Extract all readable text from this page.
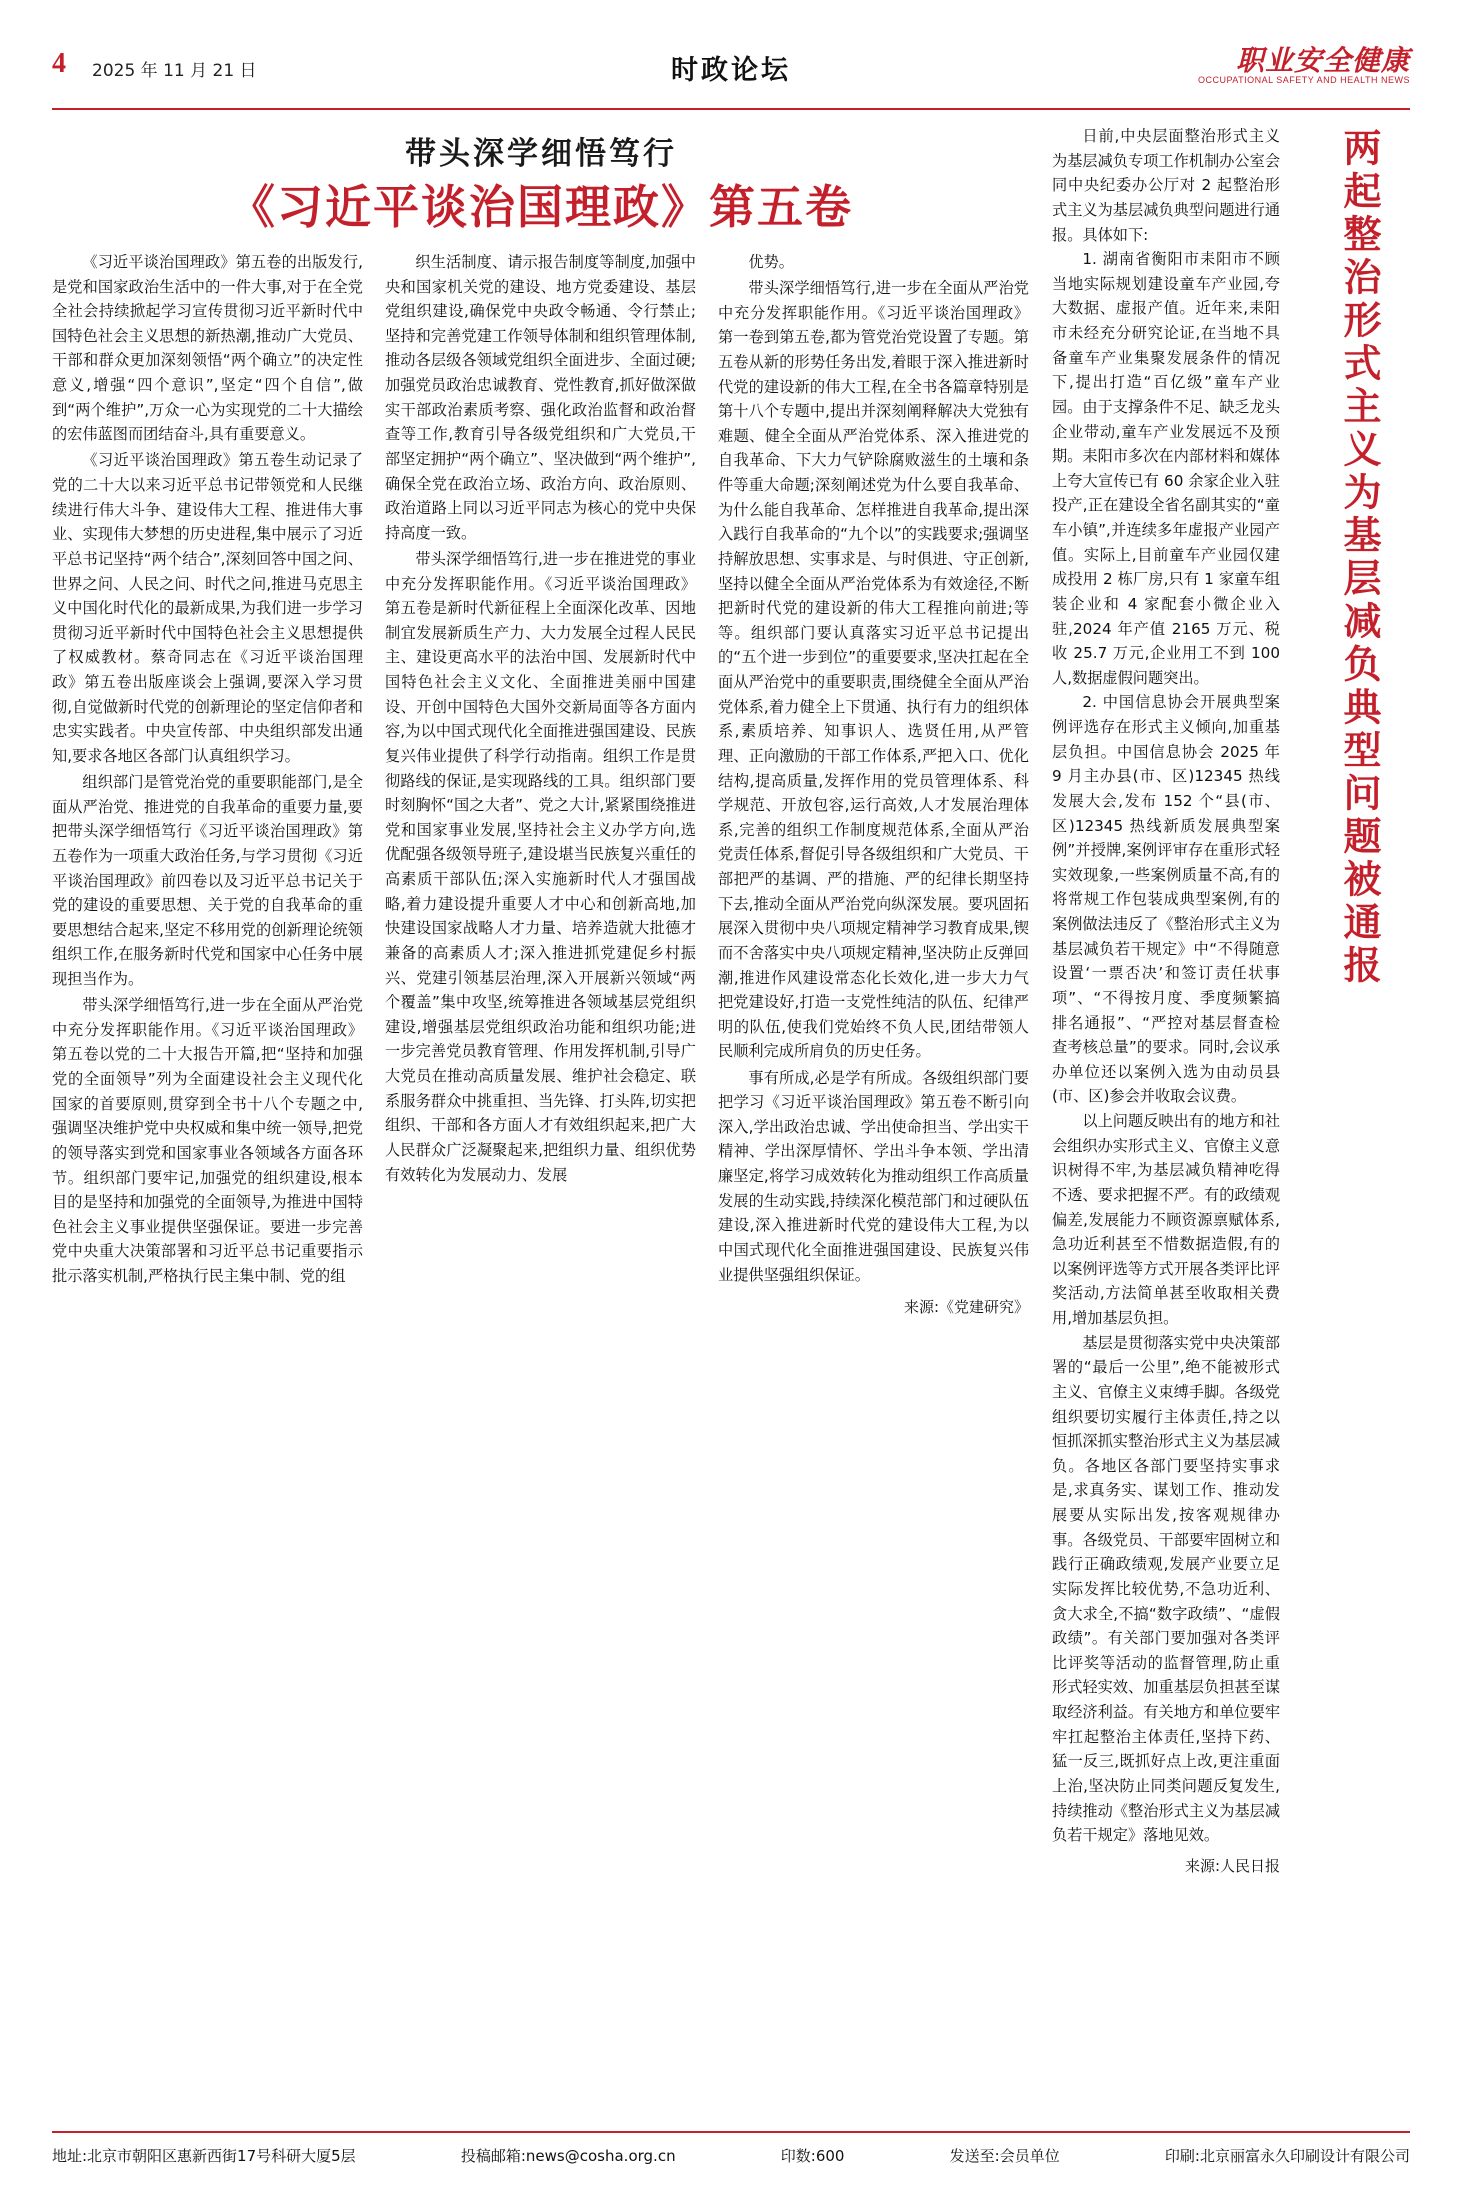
4 2025 年 11 月 21 日	时政论坛	职业安全健康
OCCUPATIONAL SAFETY AND HEALTH NEWS
带头深学细悟笃行
《习近平谈治国理政》第五卷

《习近平谈治国理政》第五卷的出版发行,是党和国家政治生活中的一件大事,对于在全党全社会持续掀起学习宣传贯彻习近平新时代中国特色社会主义思想的新热潮,推动广大党员、干部和群众更加深刻领悟“两个确立”的决定性意义,增强“四个意识”,坚定“四个自信”,做到“两个维护”,万众一心为实现党的二十大描绘的宏伟蓝图而团结奋斗,具有重要意义。

《习近平谈治国理政》第五卷生动记录了党的二十大以来习近平总书记带领党和人民继续进行伟大斗争、建设伟大工程、推进伟大事业、实现伟大梦想的历史进程,集中展示了习近平总书记坚持“两个结合”,深刻回答中国之问、世界之问、人民之问、时代之问,推进马克思主义中国化时代化的最新成果,为我们进一步学习贯彻习近平新时代中国特色社会主义思想提供了权威教材。蔡奇同志在《习近平谈治国理政》第五卷出版座谈会上强调,要深入学习贯彻,自觉做新时代党的创新理论的坚定信仰者和忠实实践者。中央宣传部、中央组织部发出通知,要求各地区各部门认真组织学习。

组织部门是管党治党的重要职能部门,是全面从严治党、推进党的自我革命的重要力量,要把带头深学细悟笃行《习近平谈治国理政》第五卷作为一项重大政治任务,与学习贯彻《习近平谈治国理政》前四卷以及习近平总书记关于党的建设的重要思想、关于党的自我革命的重要思想结合起来,坚定不移用党的创新理论统领组织工作,在服务新时代党和国家中心任务中展现担当作为。

带头深学细悟笃行,进一步在全面从严治党中充分发挥职能作用。《习近平谈治国理政》第五卷以党的二十大报告开篇,把“坚持和加强党的全面领导”列为全面建设社会主义现代化国家的首要原则,贯穿到全书十八个专题之中,强调坚决维护党中央权威和集中统一领导,把党的领导落实到党和国家事业各领域各方面各环节。组织部门要牢记,加强党的组织建设,根本目的是坚持和加强党的全面领导,为推进中国特色社会主义事业提供坚强保证。要进一步完善党中央重大决策部署和习近平总书记重要指示批示落实机制,严格执行民主集中制、党的组

织生活制度、请示报告制度等制度,加强中央和国家机关党的建设、地方党委建设、基层党组织建设,确保党中央政令畅通、令行禁止;坚持和完善党建工作领导体制和组织管理体制,推动各层级各领域党组织全面进步、全面过硬;加强党员政治忠诚教育、党性教育,抓好做深做实干部政治素质考察、强化政治监督和政治督查等工作,教育引导各级党组织和广大党员,干部坚定拥护“两个确立”、坚决做到“两个维护”,确保全党在政治立场、政治方向、政治原则、政治道路上同以习近平同志为核心的党中央保持高度一致。

带头深学细悟笃行,进一步在推进党的事业中充分发挥职能作用。《习近平谈治国理政》第五卷是新时代新征程上全面深化改革、因地制宜发展新质生产力、大力发展全过程人民民主、建设更高水平的法治中国、发展新时代中国特色社会主义文化、全面推进美丽中国建设、开创中国特色大国外交新局面等各方面内容,为以中国式现代化全面推进强国建设、民族复兴伟业提供了科学行动指南。组织工作是贯彻路线的保证,是实现路线的工具。组织部门要时刻胸怀“国之大者”、党之大计,紧紧围绕推进党和国家事业发展,坚持社会主义办学方向,选优配强各级领导班子,建设堪当民族复兴重任的高素质干部队伍;深入实施新时代人才强国战略,着力建设提升重要人才中心和创新高地,加快建设国家战略人才力量、培养造就大批德才兼备的高素质人才;深入推进抓党建促乡村振兴、党建引领基层治理,深入开展新兴领域“两个覆盖”集中攻坚,统筹推进各领域基层党组织建设,增强基层党组织政治功能和组织功能;进一步完善党员教育管理、作用发挥机制,引导广大党员在推动高质量发展、维护社会稳定、联系服务群众中挑重担、当先锋、打头阵,切实把组织、干部和各方面人才有效组织起来,把广大人民群众广泛凝聚起来,把组织力量、组织优势有效转化为发展动力、发展

优势。

带头深学细悟笃行,进一步在全面从严治党中充分发挥职能作用。《习近平谈治国理政》第一卷到第五卷,都为管党治党设置了专题。第五卷从新的形势任务出发,着眼于深入推进新时代党的建设新的伟大工程,在全书各篇章特别是第十八个专题中,提出并深刻阐释解决大党独有难题、健全全面从严治党体系、深入推进党的自我革命、下大力气铲除腐败滋生的土壤和条件等重大命题;深刻阐述党为什么要自我革命、为什么能自我革命、怎样推进自我革命,提出深入践行自我革命的“九个以”的实践要求;强调坚持解放思想、实事求是、与时俱进、守正创新,坚持以健全全面从严治党体系为有效途径,不断把新时代党的建设新的伟大工程推向前进;等等。组织部门要认真落实习近平总书记提出的“五个进一步到位”的重要要求,坚决扛起在全面从严治党中的重要职责,围绕健全全面从严治党体系,着力健全上下贯通、执行有力的组织体系,素质培养、知事识人、选贤任用,从严管理、正向激励的干部工作体系,严把入口、优化结构,提高质量,发挥作用的党员管理体系、科学规范、开放包容,运行高效,人才发展治理体系,完善的组织工作制度规范体系,全面从严治党责任体系,督促引导各级组织和广大党员、干部把严的基调、严的措施、严的纪律长期坚持下去,推动全面从严治党向纵深发展。要巩固拓展深入贯彻中央八项规定精神学习教育成果,锲而不舍落实中央八项规定精神,坚决防止反弹回潮,推进作风建设常态化长效化,进一步大力气把党建设好,打造一支党性纯洁的队伍、纪律严明的队伍,使我们党始终不负人民,团结带领人民顺利完成所肩负的历史任务。

事有所成,必是学有所成。各级组织部门要把学习《习近平谈治国理政》第五卷不断引向深入,学出政治忠诚、学出使命担当、学出实干精神、学出深厚情怀、学出斗争本领、学出清廉坚定,将学习成效转化为推动组织工作高质量发展的生动实践,持续深化模范部门和过硬队伍建设,深入推进新时代党的建设伟大工程,为以中国式现代化全面推进强国建设、民族复兴伟业提供坚强组织保证。

来源:《党建研究》

日前,中央层面整治形式主义为基层减负专项工作机制办公室会同中央纪委办公厅对 2 起整治形式主义为基层减负典型问题进行通报。具体如下:

1. 湖南省衡阳市耒阳市不顾当地实际规划建设童车产业园,夸大数据、虚报产值。近年来,耒阳市未经充分研究论证,在当地不具备童车产业集聚发展条件的情况下,提出打造“百亿级”童车产业园。由于支撑条件不足、缺乏龙头企业带动,童车产业发展远不及预期。耒阳市多次在内部材料和媒体上夸大宣传已有 60 余家企业入驻投产,正在建设全省名副其实的“童车小镇”,并连续多年虚报产业园产值。实际上,目前童车产业园仅建成投用 2 栋厂房,只有 1 家童车组装企业和 4 家配套小微企业入驻,2024 年产值 2165 万元、税收 25.7 万元,企业用工不到 100 人,数据虚假问题突出。

2. 中国信息协会开展典型案例评选存在形式主义倾向,加重基层负担。中国信息协会 2025 年 9 月主办县(市、区)12345 热线发展大会,发布 152 个“县(市、区)12345 热线新质发展典型案例”并授牌,案例评审存在重形式轻实效现象,一些案例质量不高,有的将常规工作包装成典型案例,有的案例做法违反了《整治形式主义为基层减负若干规定》中“不得随意设置‘一票否决’和签订责任状事项”、“不得按月度、季度频繁搞排名通报”、“严控对基层督查检查考核总量”的要求。同时,会议承办单位还以案例入选为由动员县(市、区)参会并收取会议费。

以上问题反映出有的地方和社会组织办实形式主义、官僚主义意识树得不牢,为基层减负精神吃得不透、要求把握不严。有的政绩观偏差,发展能力不顾资源禀赋体系,急功近利甚至不惜数据造假,有的以案例评选等方式开展各类评比评奖活动,方法简单甚至收取相关费用,增加基层负担。

基层是贯彻落实党中央决策部署的“最后一公里”,绝不能被形式主义、官僚主义束缚手脚。各级党组织要切实履行主体责任,持之以恒抓深抓实整治形式主义为基层减负。各地区各部门要坚持实事求是,求真务实、谋划工作、推动发展要从实际出发,按客观规律办事。各级党员、干部要牢固树立和践行正确政绩观,发展产业要立足实际发挥比较优势,不急功近利、贪大求全,不搞“数字政绩”、“虚假政绩”。有关部门要加强对各类评比评奖等活动的监督管理,防止重形式轻实效、加重基层负担甚至谋取经济利益。有关地方和单位要牢牢扛起整治主体责任,坚持下药、猛一反三,既抓好点上改,更注重面上治,坚决防止同类问题反复发生,持续推动《整治形式主义为基层减负若干规定》落地见效。

来源:人民日报
两起整治形式主义为基层减负典型问题被通报
地址:北京市朝阳区惠新西街17号科研大厦5层	投稿邮箱:news@cosha.org.cn	印数:600	发送至:会员单位	印刷:北京丽富永久印刷设计有限公司
